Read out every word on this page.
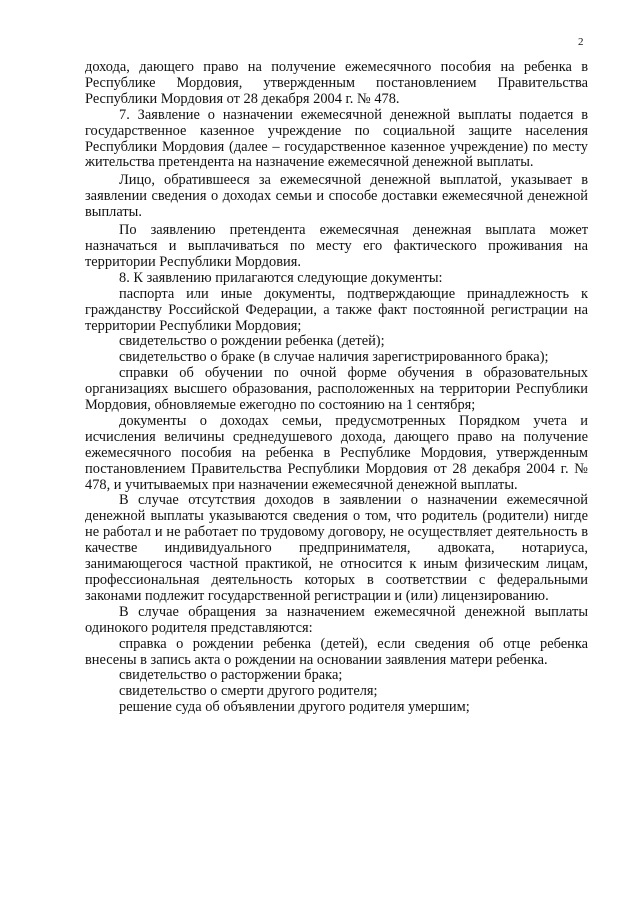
2

дохода, дающего право на получение ежемесячного пособия на ребенка в Республике Мордовия, утвержденным постановлением Правительства Республики Мордовия от 28 декабря 2004 г. № 478.

7. Заявление о назначении ежемесячной денежной выплаты подается в государственное казенное учреждение по социальной защите населения Республики Мордовия (далее – государственное казенное учреждение) по месту жительства претендента на назначение ежемесячной денежной выплаты.

Лицо, обратившееся за ежемесячной денежной выплатой, указывает в заявлении сведения о доходах семьи и способе доставки ежемесячной денежной выплаты.

По заявлению претендента ежемесячная денежная выплата может назначаться и выплачиваться по месту его фактического проживания на территории Республики Мордовия.

8. К заявлению прилагаются следующие документы:

паспорта или иные документы, подтверждающие принадлежность к гражданству Российской Федерации, а также факт постоянной регистрации на территории Республики Мордовия;

свидетельство о рождении ребенка (детей);

свидетельство о браке (в случае наличия зарегистрированного брака);

справки об обучении по очной форме обучения в образовательных организациях высшего образования, расположенных на территории Республики Мордовия, обновляемые ежегодно по состоянию на 1 сентября;

документы о доходах семьи, предусмотренных Порядком учета и исчисления величины среднедушевого дохода, дающего право на получение ежемесячного пособия на ребенка в Республике Мордовия, утвержденным постановлением Правительства Республики Мордовия от 28 декабря 2004 г. № 478, и учитываемых при назначении ежемесячной денежной выплаты.

В случае отсутствия доходов в заявлении о назначении ежемесячной денежной выплаты указываются сведения о том, что родитель (родители) нигде не работал и не работает по трудовому договору, не осуществляет деятельность в качестве индивидуального предпринимателя, адвоката, нотариуса, занимающегося частной практикой, не относится к иным физическим лицам, профессиональная деятельность которых в соответствии с федеральными законами подлежит государственной регистрации и (или) лицензированию.

В случае обращения за назначением ежемесячной денежной выплаты одинокого родителя представляются:

справка о рождении ребенка (детей), если сведения об отце ребенка внесены в запись акта о рождении на основании заявления матери ребенка.

свидетельство о расторжении брака;

свидетельство о смерти другого родителя;

решение суда об объявлении другого родителя умершим;
